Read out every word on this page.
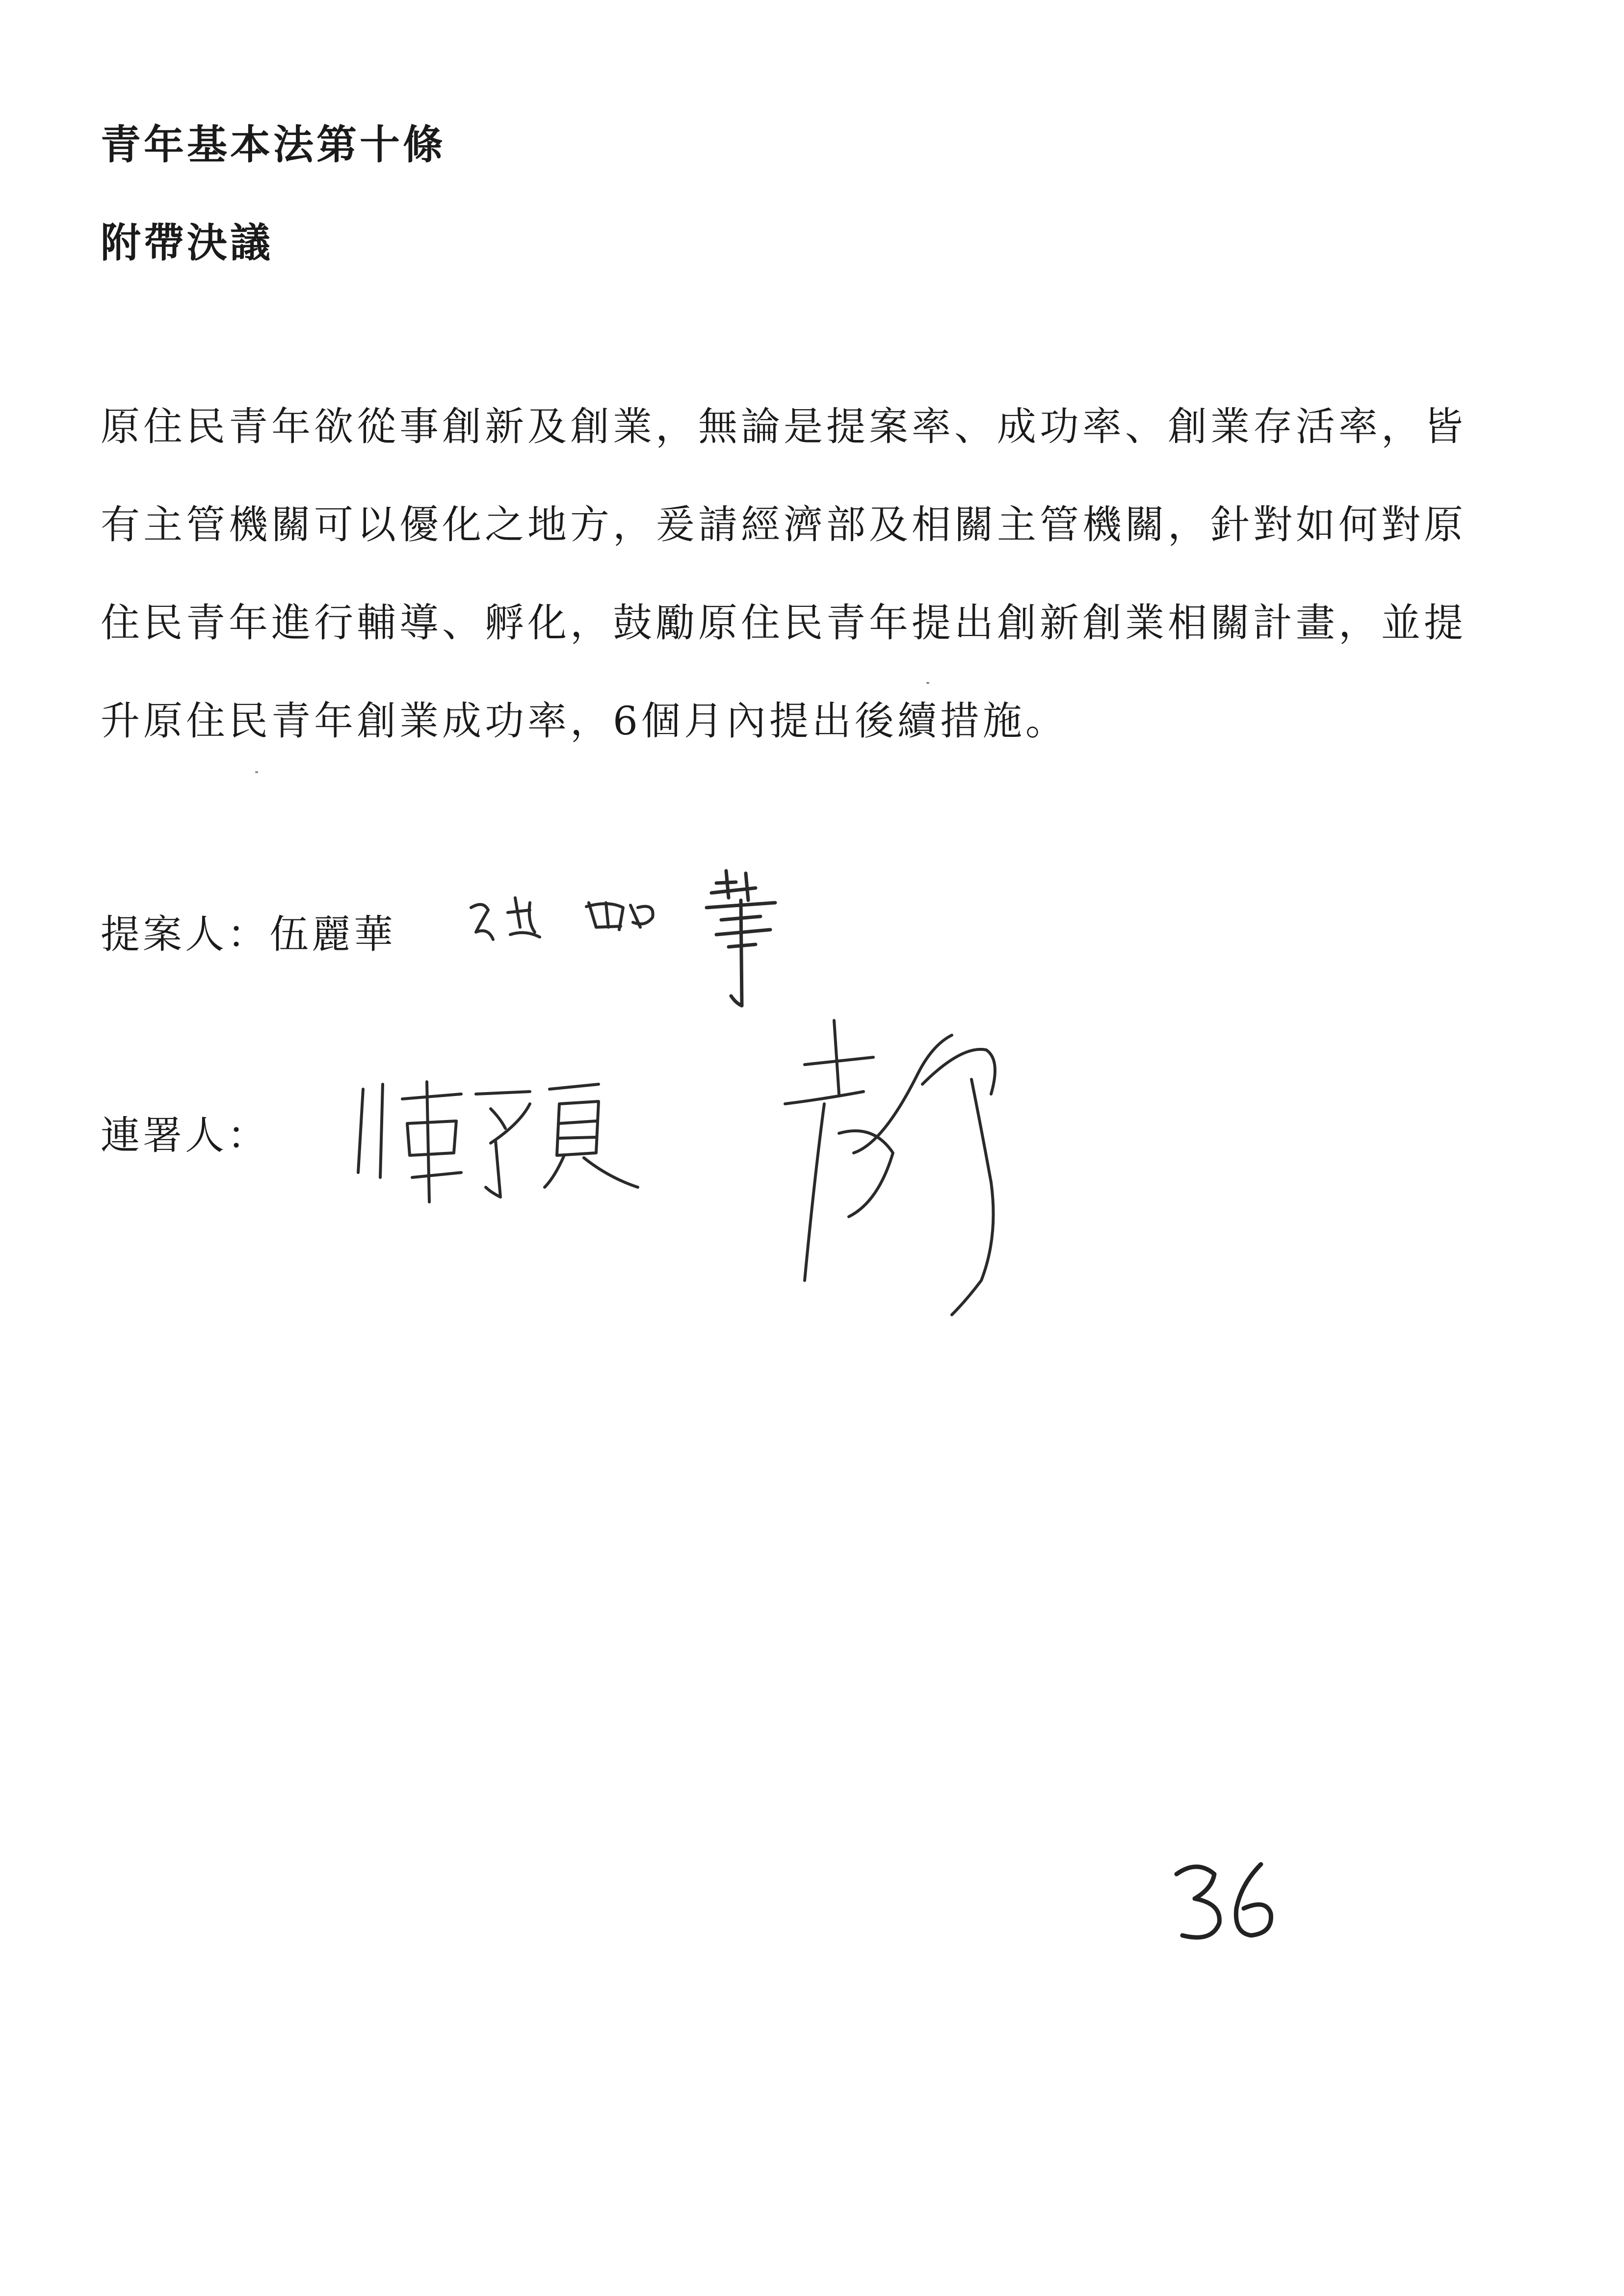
青年基本法第十條
附帶決議
原住民青年欲從事創新及創業，無論是提案率、成功率、創業存活率，皆
有主管機關可以優化之地方，爰請經濟部及相關主管機關，針對如何對原
住民青年進行輔導、孵化，鼓勵原住民青年提出創新創業相關計畫，並提
升原住民青年創業成功率，6個月內提出後續措施。
提案人：伍麗華
連署人：
